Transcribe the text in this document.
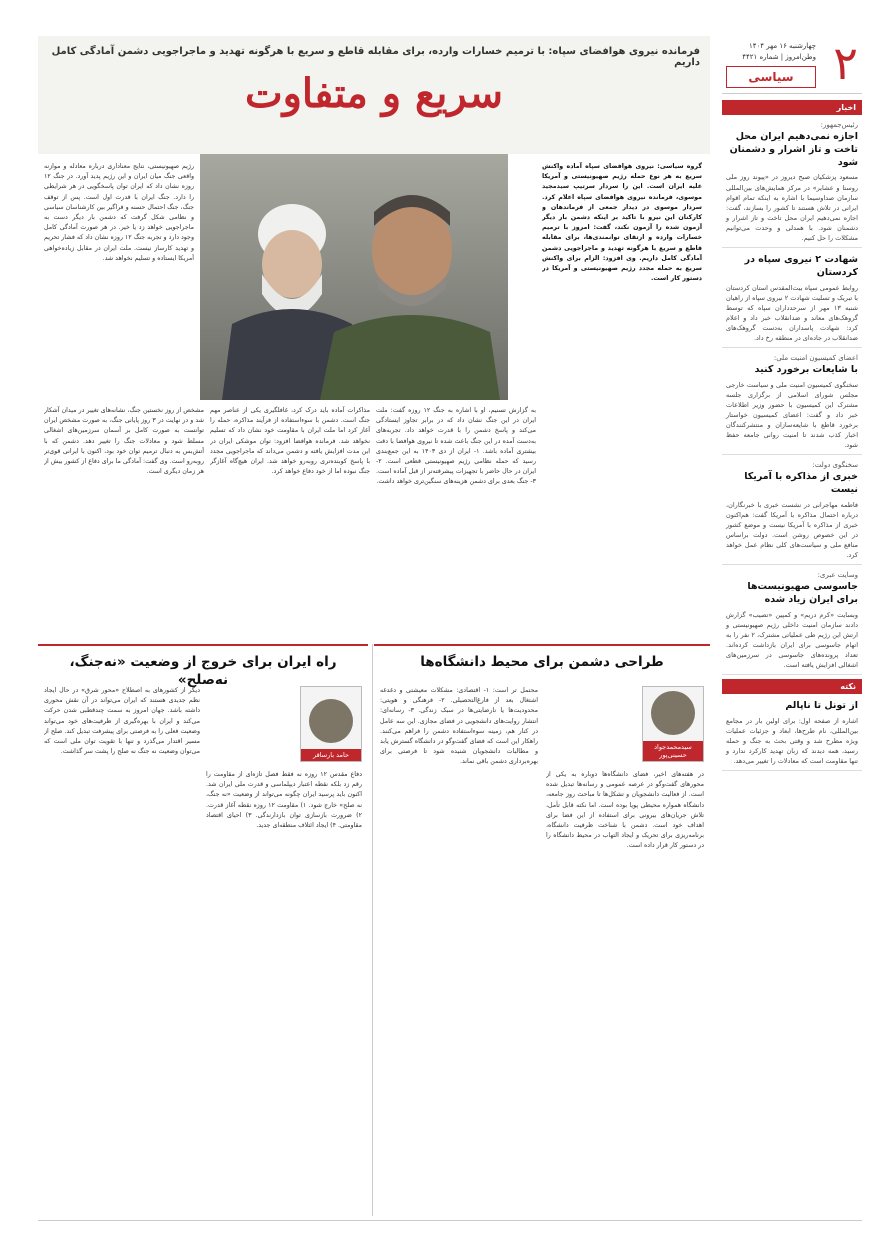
۲
چهارشنبه ۱۶ مهر ۱۴۰۴
وطن‌امروز | شماره ۴۴۲۱
سیاسی
اخبار
رئیس‌جمهور:
اجازه نمی‌دهیم ایران محل تاخت و تاز اشرار و دشمنان شود
مسعود پزشکیان صبح دیروز در «پیوند روز ملی روستا و عشایر» در مرکز همایش‌های بین‌المللی سازمان صداوسیما با اشاره به اینکه تمام اقوام ایرانی در تلاش هستند تا کشور را بسازند، گفت: اجازه نمی‌دهیم ایران محل تاخت و تاز اشرار و دشمنان شود. با همدلی و وحدت می‌توانیم مشکلات را حل کنیم.
شهادت ۲ نیروی سپاه در کردستان
روابط عمومی سپاه بیت‌المقدس استان کردستان با تبریک و تسلیت شهادت ۲ نیروی سپاه از راهیان شنبه ۱۳ مهر از سرحدداران سپاه که توسط گروهک‌های معاند و ضدانقلاب خبر داد و اعلام کرد: شهادت پاسداران به‌دست گروهک‌های ضدانقلاب در جاده‌ای در منطقه رخ داد.
اعضای کمیسیون امنیت ملی:
با شایعات برخورد کنید
سخنگوی کمیسیون امنیت ملی و سیاست خارجی مجلس شورای اسلامی از برگزاری جلسه مشترک این کمیسیون با حضور وزیر اطلاعات خبر داد و گفت: اعضای کمیسیون خواستار برخورد قاطع با شایعه‌سازان و منتشرکنندگان اخبار کذب شدند تا امنیت روانی جامعه حفظ شود.
سخنگوی دولت:
خبری از مذاکره با آمریکا نیست
فاطمه مهاجرانی در نشست خبری با خبرنگاران، درباره احتمال مذاکره با آمریکا گفت: هم‌اکنون خبری از مذاکره با آمریکا نیست و موضع کشور در این خصوص روشن است. دولت براساس منافع ملی و سیاست‌های کلی نظام عمل خواهد کرد.
وسایت عبری:
جاسوسی صهیونیست‌ها برای ایران زیاد شده
وبسایت «کرم دریم» و کمپین «تصیب» گزارش دادند سازمان امنیت داخلی رژیم صهیونیستی و ارتش این رژیم طی عملیاتی مشترک، ۲ نفر را به اتهام جاسوسی برای ایران بازداشت کرده‌اند. تعداد پرونده‌های جاسوسی در سرزمین‌های اشغالی افزایش یافته است.
نکته
از تونل تا ناپالم
اشاره از صفحه اول: برای اولین بار در مجامع بین‌المللی، نام طرح‌ها، ابعاد و جزئیات عملیات ویژه مطرح شد و وقتی بحث به جنگ و حمله رسید، همه دیدند که زبان تهدید کارکرد ندارد و تنها مقاومت است که معادلات را تغییر می‌دهد.
فرمانده نیروی هوافضای سپاه: با ترمیم خسارات وارده، برای مقابله قاطع و سریع با هرگونه تهدید و ماجراجویی دشمن آمادگی کامل داریم
سریع و متفاوت
گروه سیاسی: نیروی هوافضای سپاه آماده واکنش سریع به هر نوع حمله رژیم صهیونیستی و آمریکا علیه ایران است. این را سردار سرتیپ سیدمجید موسوی، فرمانده نیروی هوافضای سپاه اعلام کرد. سردار موسوی در دیدار جمعی از فرماندهان و کارکنان این نیرو با تاکید بر اینکه دشمن بار دیگر آزمون شده را آزمون نکند، گفت: امروز با ترمیم خسارات وارده و ارتقای توانمندی‌ها، برای مقابله قاطع و سریع با هرگونه تهدید و ماجراجویی دشمن آمادگی کامل داریم. وی افزود: الزام برای واکنش سریع به حمله مجدد رژیم صهیونیستی و آمریکا در دستور کار است.
به گزارش تسنیم، او با اشاره به جنگ ۱۲ روزه گفت: ملت ایران در این جنگ نشان داد که در برابر تجاوز ایستادگی می‌کند و پاسخ دشمن را با قدرت خواهد داد. تجربه‌های به‌دست آمده در این جنگ باعث شده تا نیروی هوافضا با دقت بیشتری آماده باشد. ۱- ایران از دی ۱۴۰۳ به این جمع‌بندی رسید که حمله نظامی رژیم صهیونیستی قطعی است. ۲- ایران در حال حاضر با تجهیزات پیشرفته‌تر از قبل آماده است. ۳- جنگ بعدی برای دشمن هزینه‌های سنگین‌تری خواهد داشت.
مذاکرات آماده باید درک کرد، غافلگیری یکی از عناصر مهم جنگ است. دشمن با سوءاستفاده از فرآیند مذاکره، حمله را آغاز کرد اما ملت ایران با مقاومت خود نشان داد که تسلیم نخواهد شد. فرمانده هوافضا افزود: توان موشکی ایران در این مدت افزایش یافته و دشمن می‌داند که ماجراجویی مجدد با پاسخ کوبنده‌تری روبه‌رو خواهد شد. ایران هیچ‌گاه آغازگر جنگ نبوده اما از خود دفاع خواهد کرد.
مشخص از روز نخستین جنگ، نشانه‌های تغییر در میدان آشکار شد و در نهایت در ۳ روز پایانی جنگ، به صورت مشخص ایران توانست به صورت کامل بر آسمان سرزمین‌های اشغالی مسلط شود و معادلات جنگ را تغییر دهد. دشمن که با آتش‌بس به دنبال ترمیم توان خود بود، اکنون با ایرانی قوی‌تر روبه‌رو است. وی گفت: آمادگی ما برای دفاع از کشور بیش از هر زمان دیگری است.
رژیم صهیونیستی، نتایج معناداری درباره معادله و موازنه واقعی جنگ میان ایران و این رژیم پدید آورد. در جنگ ۱۲ روزه نشان داد که ایران توان پاسخگویی در هر شرایطی را دارد. جنگ ایران با قدرت اول است. پس از توقف جنگ، جنگ احتمال حسنه و فراگیر بین کارشناسان سیاسی و نظامی شکل گرفت که دشمن بار دیگر دست به ماجراجویی خواهد زد یا خیر. در هر صورت آمادگی کامل وجود دارد و تجربه جنگ ۱۲ روزه نشان داد که فشار تحریم و تهدید کارساز نیست. ملت ایران در مقابل زیاده‌خواهی آمریکا ایستاده و تسلیم نخواهد شد.
طراحی دشمن برای محیط دانشگاه‌ها
سیدمحمدجواد حسینی‌پور
در هفته‌های اخیر، فضای دانشگاه‌ها دوباره به یکی از محورهای گفت‌وگو در عرصه عمومی و رسانه‌ها تبدیل شده است. از فعالیت دانشجویان و تشکل‌ها تا مباحث روز جامعه، دانشگاه همواره محیطی پویا بوده است. اما نکته قابل تأمل، تلاش جریان‌های بیرونی برای استفاده از این فضا برای اهداف خود است. دشمن با شناخت ظرفیت دانشگاه، برنامه‌ریزی برای تحریک و ایجاد التهاب در محیط دانشگاه را در دستور کار قرار داده است.
محتمل تر است: ۱- اقتصادی: مشکلات معیشتی و دغدغه اشتغال بعد از فارغ‌التحصیلی. ۲- فرهنگی و هویتی: محدودیت‌ها یا نارضایتی‌ها در سبک زندگی. ۳- رسانه‌ای: انتشار روایت‌های دانشجویی در فضای مجازی. این سه عامل در کنار هم، زمینه سوءاستفاده دشمن را فراهم می‌کنند. راهکار این است که فضای گفت‌وگو در دانشگاه گسترش یابد و مطالبات دانشجویان شنیده شود تا فرصتی برای بهره‌برداری دشمن باقی نماند.
راه ایران برای خروج از وضعیت «نه‌جنگ، نه‌صلح»
حامد بارساقر
دفاع مقدس ۱۲ روزه نه فقط فصل تازه‌ای از مقاومت را رقم زد بلکه نقطه اعتبار دیپلماسی و قدرت ملی ایران شد. اکنون باید پرسید ایران چگونه می‌تواند از وضعیت «نه جنگ، نه صلح» خارج شود. ۱) مقاومت ۱۲ روزه نقطه آغاز قدرت. ۲) ضرورت بازسازی توان بازدارندگی. ۳) احیای اقتصاد مقاومتی. ۴) ایجاد ائتلاف منطقه‌ای جدید.
دیگر از کشورهای به اصطلاح «محور شرق» در حال ایجاد نظم جدیدی هستند که ایران می‌تواند در آن نقش محوری داشته باشد. جهان امروز به سمت چندقطبی شدن حرکت می‌کند و ایران با بهره‌گیری از ظرفیت‌های خود می‌تواند وضعیت فعلی را به فرصتی برای پیشرفت تبدیل کند. صلح از مسیر اقتدار می‌گذرد و تنها با تقویت توان ملی است که می‌توان وضعیت نه جنگ نه صلح را پشت سر گذاشت.
